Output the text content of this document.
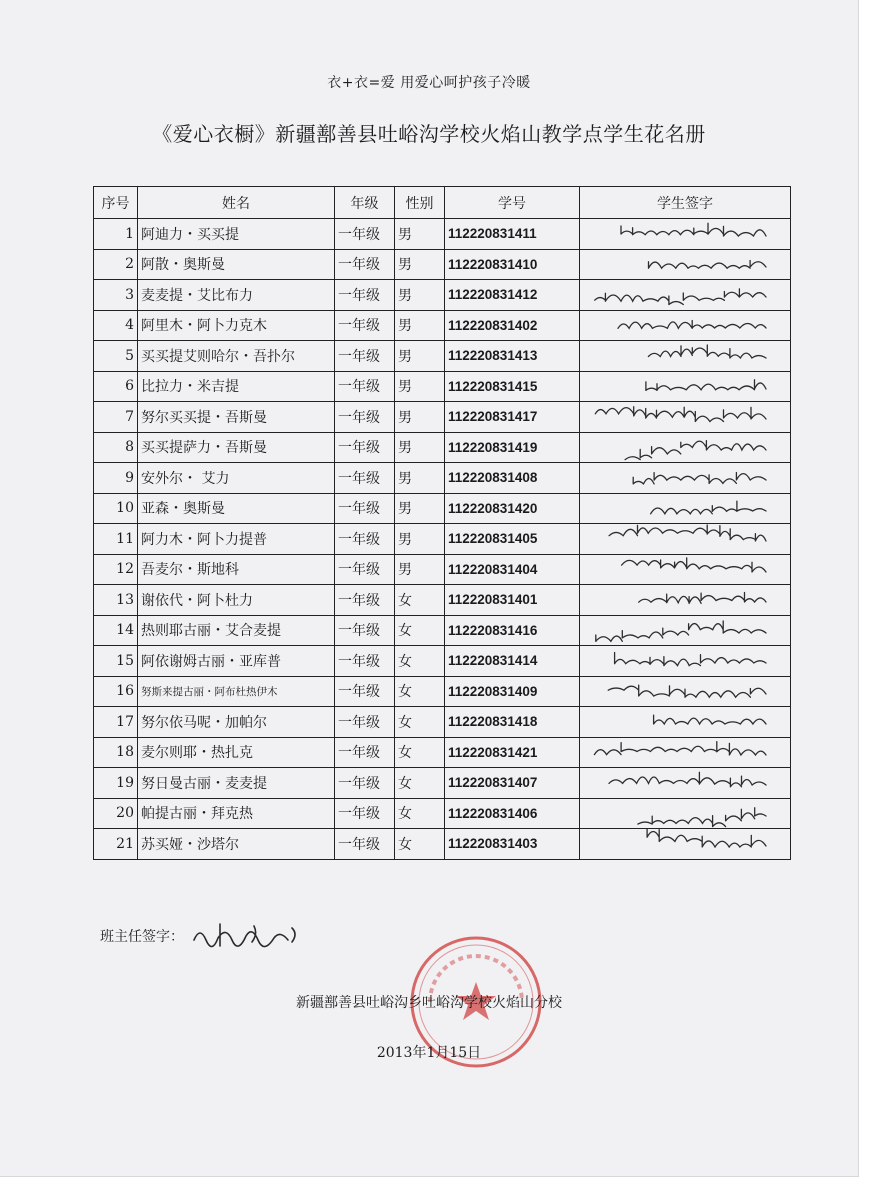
衣+衣=爱 用爱心呵护孩子冷暖
《爱心衣橱》新疆鄯善县吐峪沟学校火焰山教学点学生花名册
序号	姓名	年级	性别	学号	学生签字
1	阿迪力・买买提	一年级	男	112220831411	

2	阿散・奥斯曼	一年级	男	112220831410	

3	麦麦提・艾比布力	一年级	男	112220831412	

4	阿里木・阿卜力克木	一年级	男	112220831402	

5	买买提艾则哈尔・吾扑尔	一年级	男	112220831413	

6	比拉力・米吉提	一年级	男	112220831415	

7	努尔买买提・吾斯曼	一年级	男	112220831417	

8	买买提萨力・吾斯曼	一年级	男	112220831419	

9	安外尔・ 艾力	一年级	男	112220831408	

10	亚森・奥斯曼	一年级	男	112220831420	

11	阿力木・阿卜力提普	一年级	男	112220831405	

12	吾麦尔・斯地科	一年级	男	112220831404	

13	谢依代・阿卜杜力	一年级	女	112220831401	

14	热则耶古丽・艾合麦提	一年级	女	112220831416	

15	阿依谢姆古丽・亚库普	一年级	女	112220831414	

16	努斯来提古丽・阿布杜热伊木	一年级	女	112220831409	

17	努尔依马呢・加帕尔	一年级	女	112220831418	

18	麦尔则耶・热扎克	一年级	女	112220831421	

19	努日曼古丽・麦麦提	一年级	女	112220831407	

20	帕提古丽・拜克热	一年级	女	112220831406	

21	苏买娅・沙塔尔	一年级	女	112220831403	
班主任签字：
新疆鄯善县吐峪沟乡吐峪沟学校火焰山分校
2013年1月15日
